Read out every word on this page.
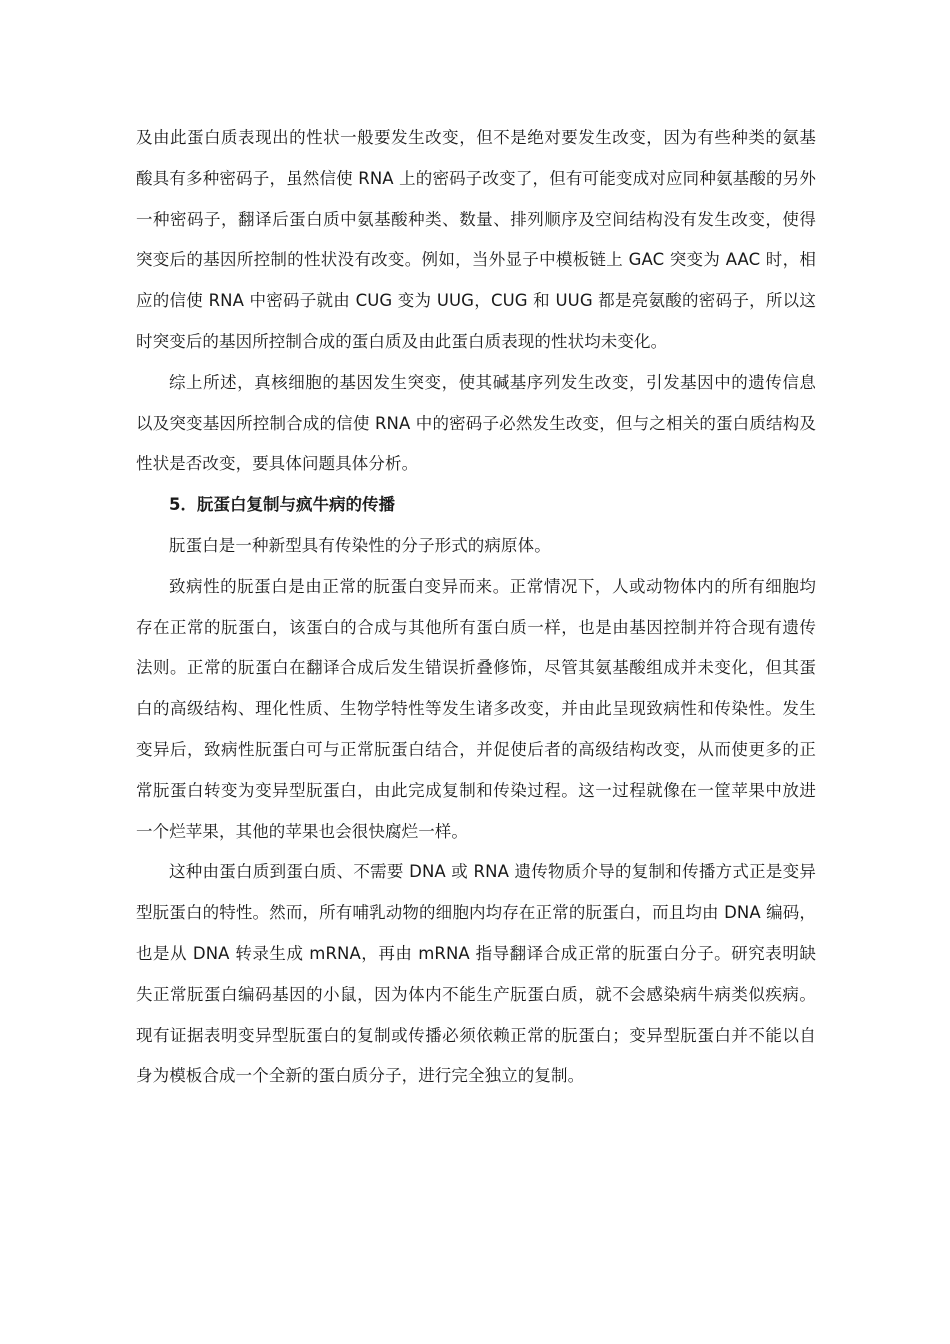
及由此蛋白质表现出的性状一般要发生改变，但不是绝对要发生改变，因为有些种类的氨基酸具有多种密码子，虽然信使 RNA 上的密码子改变了，但有可能变成对应同种氨基酸的另外一种密码子，翻译后蛋白质中氨基酸种类、数量、排列顺序及空间结构没有发生改变，使得突变后的基因所控制的性状没有改变。例如，当外显子中模板链上 GAC 突变为 AAC 时，相应的信使 RNA 中密码子就由 CUG 变为 UUG，CUG 和 UUG 都是亮氨酸的密码子，所以这时突变后的基因所控制合成的蛋白质及由此蛋白质表现的性状均未变化。

综上所述，真核细胞的基因发生突变，使其碱基序列发生改变，引发基因中的遗传信息以及突变基因所控制合成的信使 RNA 中的密码子必然发生改变，但与之相关的蛋白质结构及性状是否改变，要具体问题具体分析。

5．朊蛋白复制与疯牛病的传播

朊蛋白是一种新型具有传染性的分子形式的病原体。

致病性的朊蛋白是由正常的朊蛋白变异而来。正常情况下，人或动物体内的所有细胞均存在正常的朊蛋白，该蛋白的合成与其他所有蛋白质一样，也是由基因控制并符合现有遗传法则。正常的朊蛋白在翻译合成后发生错误折叠修饰，尽管其氨基酸组成并未变化，但其蛋白的高级结构、理化性质、生物学特性等发生诸多改变，并由此呈现致病性和传染性。发生变异后，致病性朊蛋白可与正常朊蛋白结合，并促使后者的高级结构改变，从而使更多的正常朊蛋白转变为变异型朊蛋白，由此完成复制和传染过程。这一过程就像在一筐苹果中放进一个烂苹果，其他的苹果也会很快腐烂一样。

这种由蛋白质到蛋白质、不需要 DNA 或 RNA 遗传物质介导的复制和传播方式正是变异型朊蛋白的特性。然而，所有哺乳动物的细胞内均存在正常的朊蛋白，而且均由 DNA 编码，也是从 DNA 转录生成 mRNA，再由 mRNA 指导翻译合成正常的朊蛋白分子。研究表明缺失正常朊蛋白编码基因的小鼠，因为体内不能生产朊蛋白质，就不会感染病牛病类似疾病。现有证据表明变异型朊蛋白的复制或传播必须依赖正常的朊蛋白；变异型朊蛋白并不能以自身为模板合成一个全新的蛋白质分子，进行完全独立的复制。
